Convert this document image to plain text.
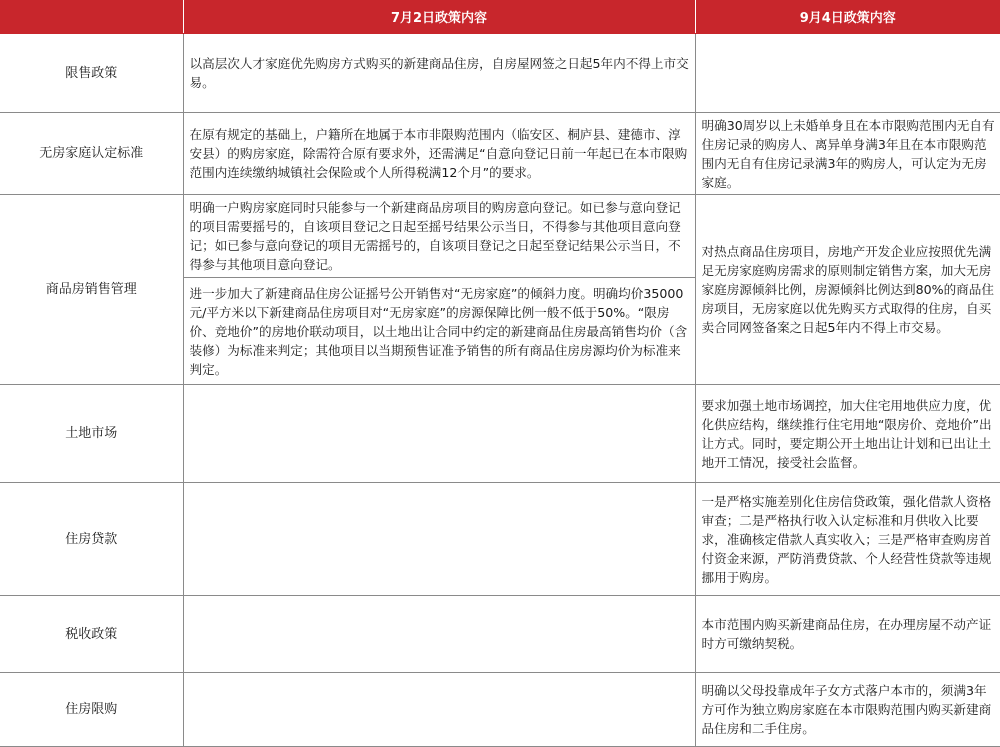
	7月2日政策内容	9月4日政策内容
限售政策	以高层次人才家庭优先购房方式购买的新建商品住房，自房屋网签之日起5年内不得上市交易。	
无房家庭认定标准	在原有规定的基础上，户籍所在地属于本市非限购范围内（临安区、桐庐县、建德市、淳安县）的购房家庭，除需符合原有要求外，还需满足“自意向登记日前一年起已在本市限购范围内连续缴纳城镇社会保险或个人所得税满12个月”的要求。	明确30周岁以上未婚单身且在本市限购范围内无自有住房记录的购房人、离异单身满3年且在本市限购范围内无自有住房记录满3年的购房人，可认定为无房家庭。
商品房销售管理	明确一户购房家庭同时只能参与一个新建商品房项目的购房意向登记。如已参与意向登记的项目需要摇号的，自该项目登记之日起至摇号结果公示当日，不得参与其他项目意向登记；如已参与意向登记的项目无需摇号的，自该项目登记之日起至登记结果公示当日，不得参与其他项目意向登记。	对热点商品住房项目，房地产开发企业应按照优先满足无房家庭购房需求的原则制定销售方案，加大无房家庭房源倾斜比例，房源倾斜比例达到80%的商品住房项目，无房家庭以优先购买方式取得的住房，自买卖合同网签备案之日起5年内不得上市交易。
	进一步加大了新建商品住房公证摇号公开销售对“无房家庭”的倾斜力度。明确均价35000元/平方米以下新建商品住房项目对“无房家庭”的房源保障比例一般不低于50%。“限房价、竞地价”的房地价联动项目，以土地出让合同中约定的新建商品住房最高销售均价（含装修）为标准来判定；其他项目以当期预售证准予销售的所有商品住房房源均价为标准来判定。	
土地市场		要求加强土地市场调控，加大住宅用地供应力度，优化供应结构，继续推行住宅用地“限房价、竞地价”出让方式。同时，要定期公开土地出让计划和已出让土地开工情况，接受社会监督。
住房贷款		一是严格实施差别化住房信贷政策，强化借款人资格审查；二是严格执行收入认定标准和月供收入比要求，准确核定借款人真实收入；三是严格审查购房首付资金来源，严防消费贷款、个人经营性贷款等违规挪用于购房。
税收政策		本市范围内购买新建商品住房，在办理房屋不动产证时方可缴纳契税。
住房限购		明确以父母投靠成年子女方式落户本市的，须满3年方可作为独立购房家庭在本市限购范围内购买新建商品住房和二手住房。
